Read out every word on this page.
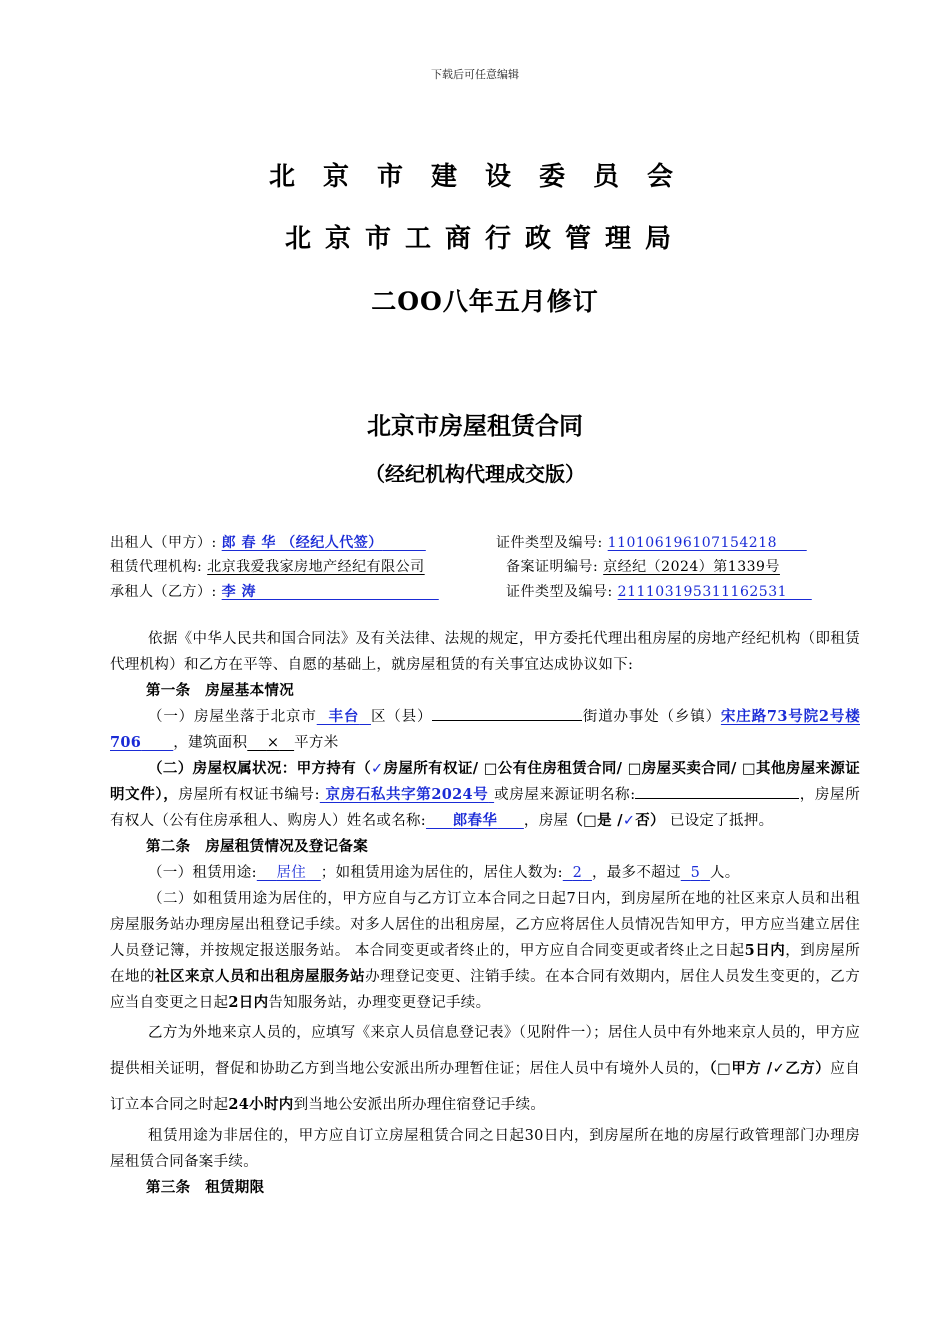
下载后可任意编辑
北京市建设委员会
北京市工商行政管理局
二OO八年五月修订
北京市房屋租赁合同
（经纪机构代理成交版）
出租人（甲方）: 郎 春 华 （经纪人代签）	证件类型及编号: 110106196107154218
租赁代理机构: 北京我爱我家房地产经纪有限公司	备案证明编号: 京经纪（2024）第1339号
承租人（乙方）: 李 涛	证件类型及编号: 211103195311162531

依据《中华人民共和国合同法》及有关法律、法规的规定，甲方委托代理出租房屋的房地产经纪机构（即租赁代理机构）和乙方在平等、自愿的基础上，就房屋租赁的有关事宜达成协议如下:

第一条　房屋基本情况

（一）房屋坐落于北京市 丰台 区（县）	街道办事处（乡镇）宋庄路73号院2号楼706 ，建筑面积 × 平方米

（二）房屋权属状况：甲方持有（✓房屋所有权证/ □公有住房租赁合同/ □房屋买卖合同/ □其他房屋来源证明文件），房屋所有权证书编号: 京房石私共字第2024号 或房屋来源证明名称:	，房屋所有权人（公有住房承租人、购房人）姓名或名称: 郎春华 ，房屋（□是 /✓否） 已设定了抵押。

第二条　房屋租赁情况及登记备案

（一）租赁用途: 居住 ；如租赁用途为居住的，居住人数为: 2 ，最多不超过 5 人。

（二）如租赁用途为居住的，甲方应自与乙方订立本合同之日起7日内，到房屋所在地的社区来京人员和出租房屋服务站办理房屋出租登记手续。对多人居住的出租房屋，乙方应将居住人员情况告知甲方，甲方应当建立居住人员登记簿，并按规定报送服务站。 本合同变更或者终止的，甲方应自合同变更或者终止之日起5日内，到房屋所在地的社区来京人员和出租房屋服务站办理登记变更、注销手续。在本合同有效期内，居住人员发生变更的，乙方应当自变更之日起2日内告知服务站，办理变更登记手续。

乙方为外地来京人员的，应填写《来京人员信息登记表》（见附件一）；居住人员中有外地来京人员的，甲方应提供相关证明，督促和协助乙方到当地公安派出所办理暂住证；居住人员中有境外人员的，（□甲方 /✓乙方）应自订立本合同之时起24小时内到当地公安派出所办理住宿登记手续。

租赁用途为非居住的，甲方应自订立房屋租赁合同之日起30日内，到房屋所在地的房屋行政管理部门办理房屋租赁合同备案手续。

第三条　租赁期限
